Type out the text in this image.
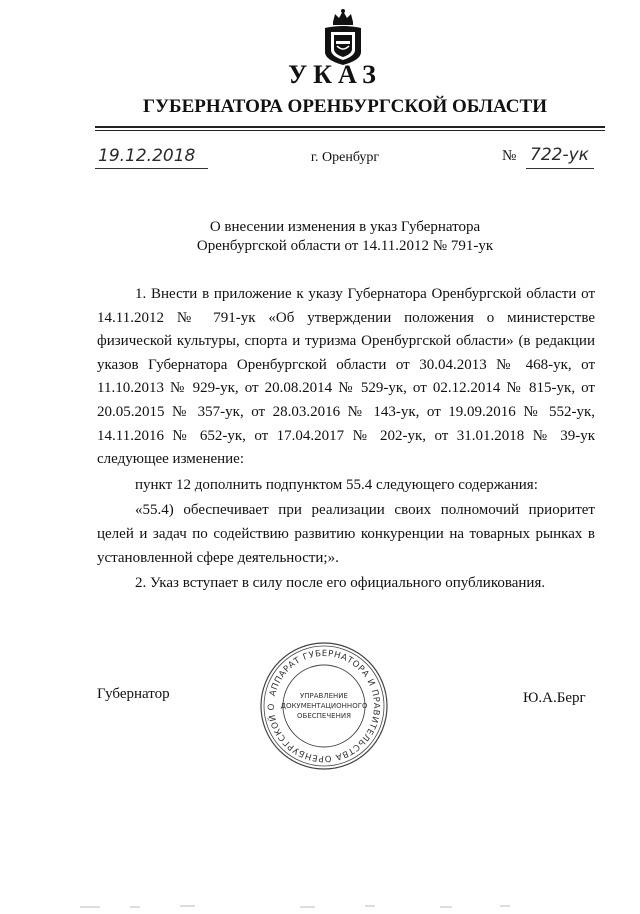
УКАЗ
ГУБЕРНАТОРА ОРЕНБУРГСКОЙ ОБЛАСТИ
19.12.2018	г. Оренбург	№ 722-ук
О внесении изменения в указ Губернатора
Оренбургской области от 14.11.2012 № 791-ук

1. Внести в приложение к указу Губернатора Оренбургской области от 14.11.2012 № 791-ук «Об утверждении положения о министерстве физической культуры, спорта и туризма Оренбургской области» (в редакции указов Губернатора Оренбургской области от 30.04.2013 № 468-ук, от 11.10.2013 № 929-ук, от 20.08.2014 № 529-ук, от 02.12.2014 № 815-ук, от 20.05.2015 № 357-ук, от 28.03.2016 № 143-ук, от 19.09.2016 № 552-ук, 14.11.2016 № 652-ук, от 17.04.2017 № 202-ук, от 31.01.2018 № 39-ук следующее изменение:

пункт 12 дополнить подпунктом 55.4 следующего содержания:

«55.4) обеспечивает при реализации своих полномочий приоритет целей и задач по содействию развитию конкуренции на товарных рынках в установленной сфере деятельности;».

2. Указ вступает в силу после его официального опубликования.

Губернатор	АППАРАТ ГУБЕРНАТОРА И ПРАВИТЕЛЬСТВА ОРЕНБУРГСКОЙ О
УПРАВЛЕНИЕ
ДОКУМЕНТАЦИОННОГО
ОБЕСПЕЧЕНИЯ
Ю.А.Берг
